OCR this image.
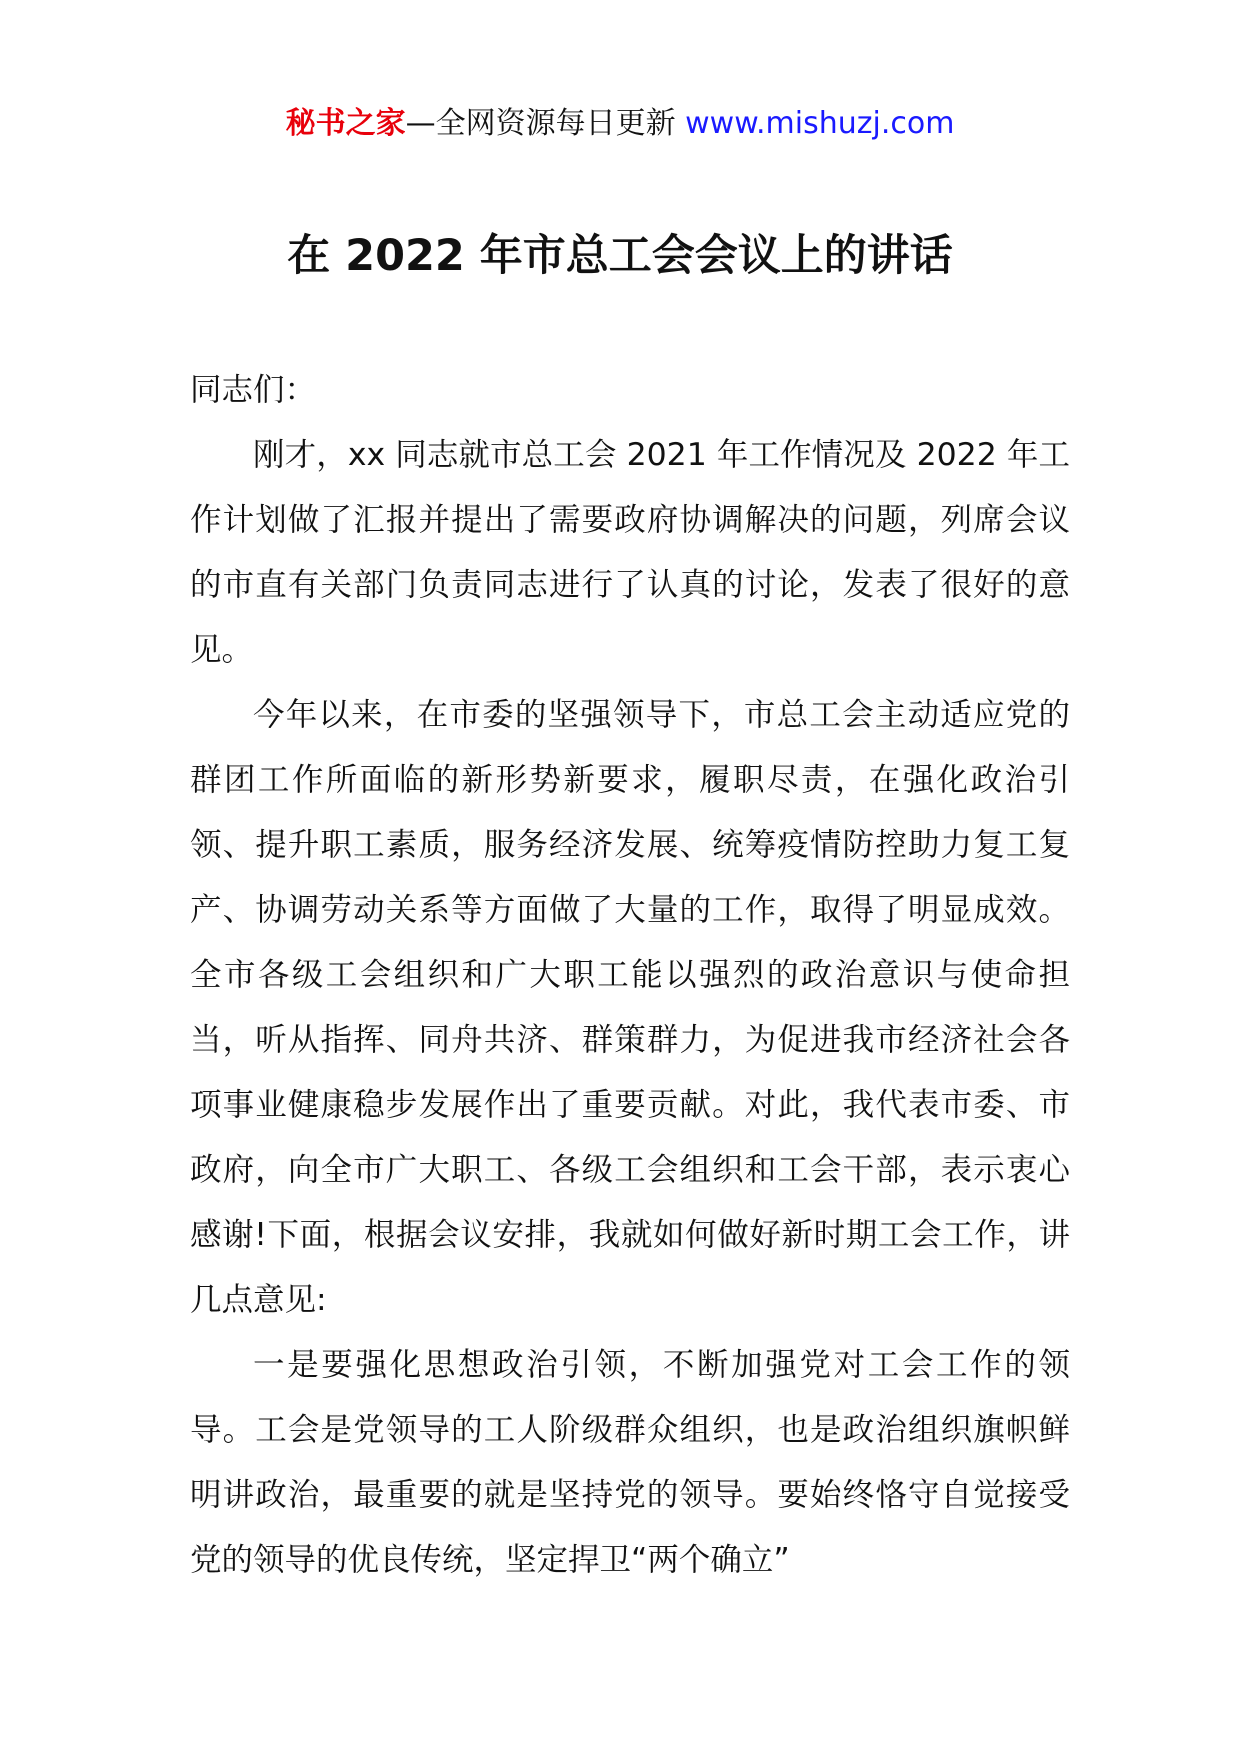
秘书之家—全网资源每日更新 www.mishuzj.com
在 2022 年市总工会会议上的讲话

同志们：

刚才，xx 同志就市总工会 2021 年工作情况及 2022 年工作计划做了汇报并提出了需要政府协调解决的问题，列席会议的市直有关部门负责同志进行了认真的讨论，发表了很好的意见。

今年以来，在市委的坚强领导下，市总工会主动适应党的群团工作所面临的新形势新要求，履职尽责，在强化政治引领、提升职工素质，服务经济发展、统筹疫情防控助力复工复产、协调劳动关系等方面做了大量的工作，取得了明显成效。全市各级工会组织和广大职工能以强烈的政治意识与使命担当，听从指挥、同舟共济、群策群力，为促进我市经济社会各项事业健康稳步发展作出了重要贡献。对此，我代表市委、市政府，向全市广大职工、各级工会组织和工会干部，表示衷心感谢!下面，根据会议安排，我就如何做好新时期工会工作，讲几点意见:

一是要强化思想政治引领，不断加强党对工会工作的领导。工会是党领导的工人阶级群众组织，也是政治组织旗帜鲜明讲政治，最重要的就是坚持党的领导。要始终恪守自觉接受党的领导的优良传统，坚定捍卫“两个确立”
